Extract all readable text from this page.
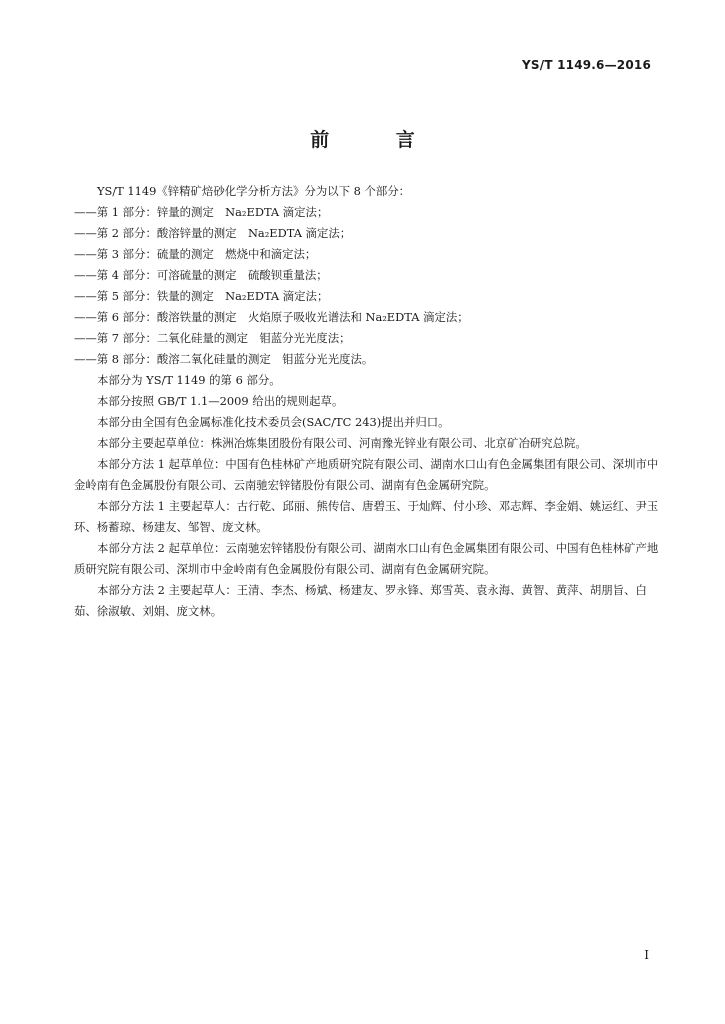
YS/T 1149.6—2016
前 言

YS/T 1149《锌精矿焙砂化学分析方法》分为以下 8 个部分：

——第 1 部分：锌量的测定　Na₂EDTA 滴定法；

——第 2 部分：酸溶锌量的测定　Na₂EDTA 滴定法；

——第 3 部分：硫量的测定　燃烧中和滴定法；

——第 4 部分：可溶硫量的测定　硫酸钡重量法；

——第 5 部分：铁量的测定　Na₂EDTA 滴定法；

——第 6 部分：酸溶铁量的测定　火焰原子吸收光谱法和 Na₂EDTA 滴定法；

——第 7 部分：二氧化硅量的测定　钼蓝分光光度法；

——第 8 部分：酸溶二氧化硅量的测定　钼蓝分光光度法。

本部分为 YS/T 1149 的第 6 部分。

本部分按照 GB/T 1.1—2009 给出的规则起草。

本部分由全国有色金属标准化技术委员会(SAC/TC 243)提出并归口。

本部分主要起草单位：株洲冶炼集团股份有限公司、河南豫光锌业有限公司、北京矿冶研究总院。

本部分方法 1 起草单位：中国有色桂林矿产地质研究院有限公司、湖南水口山有色金属集团有限公司、深圳市中金岭南有色金属股份有限公司、云南驰宏锌锗股份有限公司、湖南有色金属研究院。

本部分方法 1 主要起草人：古行乾、邱丽、熊传信、唐碧玉、于灿辉、付小珍、邓志辉、李金娟、姚运红、尹玉环、杨蓄琼、杨建友、邹智、庞文林。

本部分方法 2 起草单位：云南驰宏锌锗股份有限公司、湖南水口山有色金属集团有限公司、中国有色桂林矿产地质研究院有限公司、深圳市中金岭南有色金属股份有限公司、湖南有色金属研究院。

本部分方法 2 主要起草人：王清、李杰、杨斌、杨建友、罗永锋、郑雪英、袁永海、黄智、黄萍、胡朋旨、白茹、徐淑敏、刘娟、庞文林。

I
